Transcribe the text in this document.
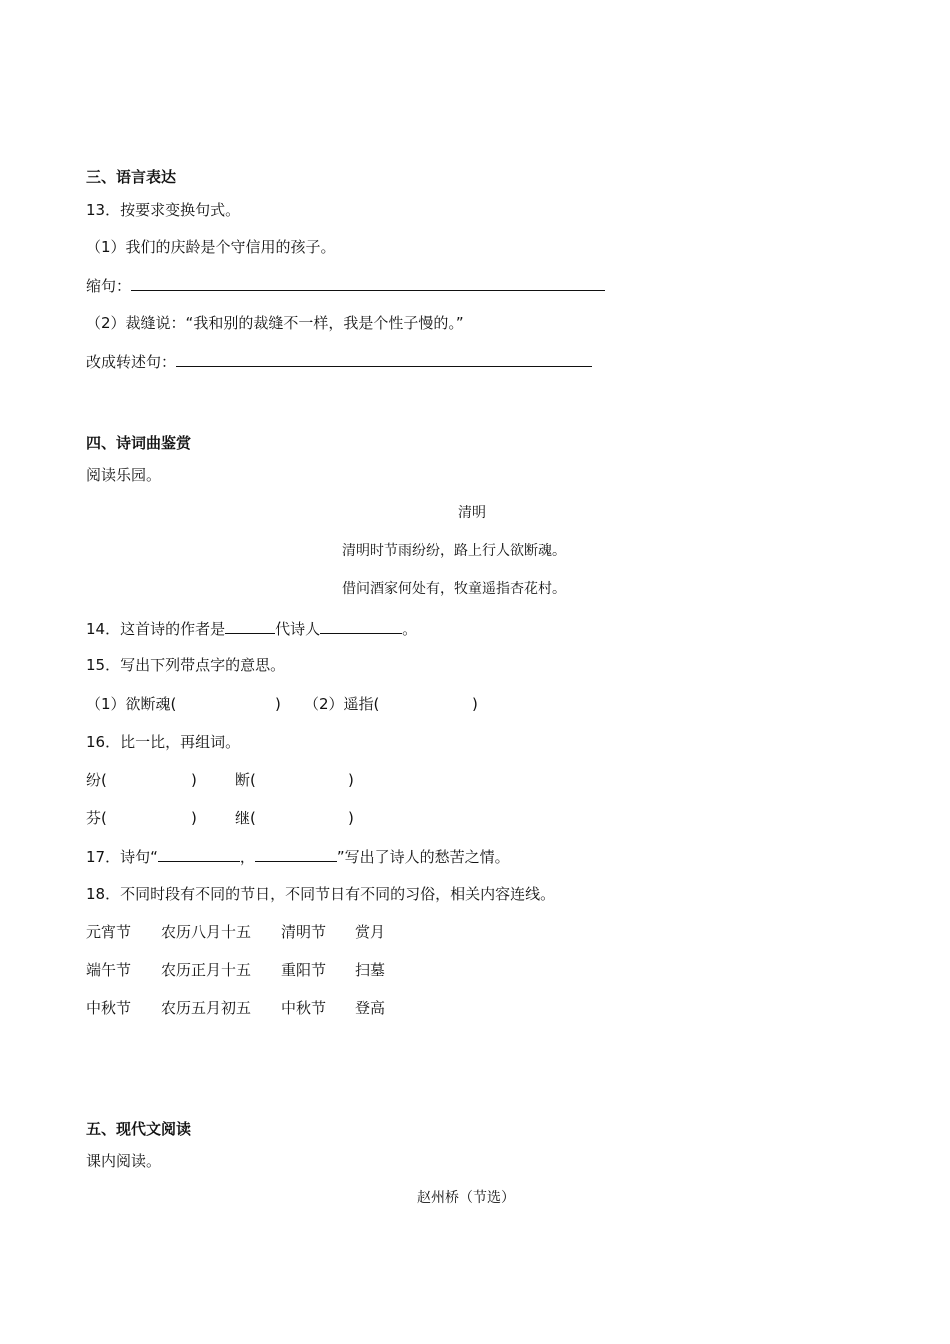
三、语言表达
13．按要求变换句式。
（1）我们的庆龄是个守信用的孩子。
缩句：
（2）裁缝说：“我和别的裁缝不一样，我是个性子慢的。”
改成转述句：
四、诗词曲鉴赏
阅读乐园。
清明
清明时节雨纷纷，路上行人欲断魂。
借问酒家何处有，牧童遥指杏花村。
14．这首诗的作者是	代诗人	。
15．写出下列带点字的意思。
（1）欲断魂(	) （2）遥指(	)
16．比一比，再组词。
纷(	)	断(	)
芬(	)	继(	)
17．诗句“	，	”写出了诗人的愁苦之情。
18．不同时段有不同的节日，不同节日有不同的习俗，相关内容连线。
元宵节 农历八月十五 清明节 赏月
端午节 农历正月十五 重阳节 扫墓
中秋节 农历五月初五 中秋节 登高
五、现代文阅读
课内阅读。
赵州桥（节选）
